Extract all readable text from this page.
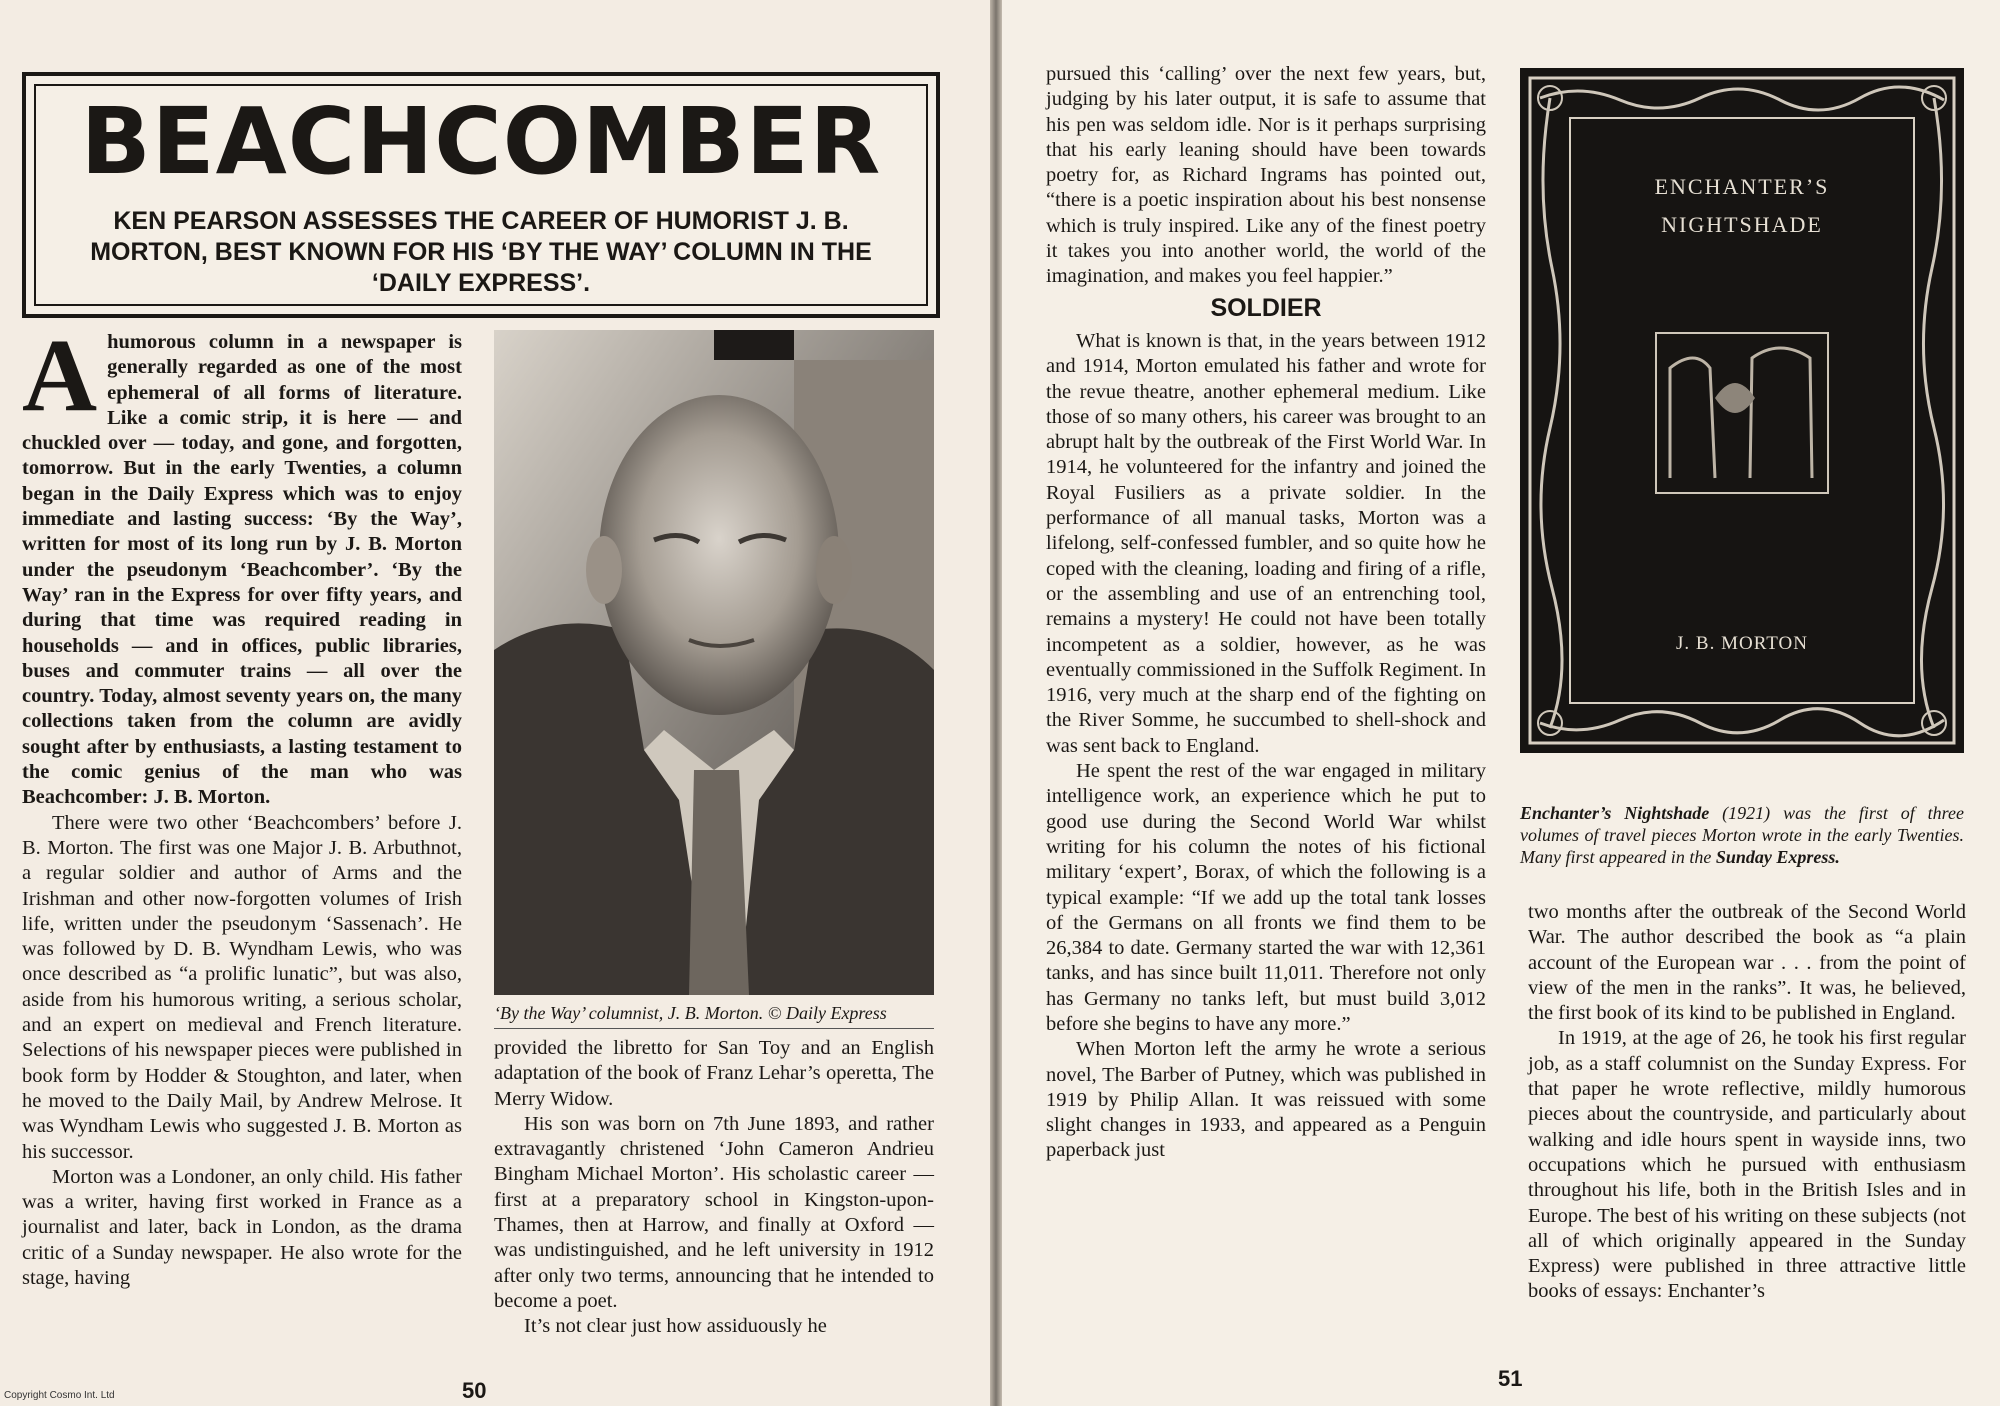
BEACHCOMBER
KEN PEARSON ASSESSES THE CAREER OF HUMORIST J. B. MORTON, BEST KNOWN FOR HIS ‘BY THE WAY’ COLUMN IN THE ‘DAILY EXPRESS’.

A humorous column in a newspaper is generally regarded as one of the most ephemeral of all forms of literature. Like a comic strip, it is here — and chuckled over — today, and gone, and forgotten, tomorrow. But in the early Twenties, a column began in the Daily Express which was to enjoy immediate and lasting success: ‘By the Way’, written for most of its long run by J. B. Morton under the pseudonym ‘Beachcomber’. ‘By the Way’ ran in the Express for over fifty years, and during that time was required reading in households — and in offices, public libraries, buses and commuter trains — all over the country. Today, almost seventy years on, the many collections taken from the column are avidly sought after by enthusiasts, a lasting testament to the comic genius of the man who was Beachcomber: J. B. Morton.

There were two other ‘Beachcombers’ before J. B. Morton. The first was one Major J. B. Arbuthnot, a regular soldier and author of Arms and the Irishman and other now-forgotten volumes of Irish life, written under the pseudonym ‘Sassenach’. He was followed by D. B. Wyndham Lewis, who was once described as “a prolific lunatic”, but was also, aside from his humorous writing, a serious scholar, and an expert on medieval and French literature. Selections of his newspaper pieces were published in book form by Hodder & Stoughton, and later, when he moved to the Daily Mail, by Andrew Melrose. It was Wyndham Lewis who suggested J. B. Morton as his successor.

Morton was a Londoner, an only child. His father was a writer, having first worked in France as a journalist and later, back in London, as the drama critic of a Sunday newspaper. He also wrote for the stage, having

‘By the Way’ columnist, J. B. Morton. © Daily Express

provided the libretto for San Toy and an English adaptation of the book of Franz Lehar’s operetta, The Merry Widow.

His son was born on 7th June 1893, and rather extravagantly christened ‘John Cameron Andrieu Bingham Michael Morton’. His scholastic career — first at a preparatory school in Kingston-upon-Thames, then at Harrow, and finally at Oxford — was undistinguished, and he left university in 1912 after only two terms, announcing that he intended to become a poet.

It’s not clear just how assiduously he

50
Copyright Cosmo Int. Ltd

pursued this ‘calling’ over the next few years, but, judging by his later output, it is safe to assume that his pen was seldom idle. Nor is it perhaps surprising that his early leaning should have been towards poetry for, as Richard Ingrams has pointed out, “there is a poetic inspiration about his best nonsense which is truly inspired. Like any of the finest poetry it takes you into another world, the world of the imagination, and makes you feel happier.”

SOLDIER

What is known is that, in the years between 1912 and 1914, Morton emulated his father and wrote for the revue theatre, another ephemeral medium. Like those of so many others, his career was brought to an abrupt halt by the outbreak of the First World War. In 1914, he volunteered for the infantry and joined the Royal Fusiliers as a private soldier. In the performance of all manual tasks, Morton was a lifelong, self-confessed fumbler, and so quite how he coped with the cleaning, loading and firing of a rifle, or the assembling and use of an entrenching tool, remains a mystery! He could not have been totally incompetent as a soldier, however, as he was eventually commissioned in the Suffolk Regiment. In 1916, very much at the sharp end of the fighting on the River Somme, he succumbed to shell-shock and was sent back to England.

He spent the rest of the war engaged in military intelligence work, an experience which he put to good use during the Second World War whilst writing for his column the notes of his fictional military ‘expert’, Borax, of which the following is a typical example: “If we add up the total tank losses of the Germans on all fronts we find them to be 26,384 to date. Germany started the war with 12,361 tanks, and has since built 11,011. Therefore not only has Germany no tanks left, but must build 3,012 before she begins to have any more.”

When Morton left the army he wrote a serious novel, The Barber of Putney, which was published in 1919 by Philip Allan. It was reissued with some slight changes in 1933, and appeared as a Penguin paperback just

51
ENCHANTER’S
NIGHTSHADE
J. B. MORTON
Enchanter’s Nightshade (1921) was the first of three volumes of travel pieces Morton wrote in the early Twenties. Many first appeared in the Sunday Express.

two months after the outbreak of the Second World War. The author described the book as “a plain account of the European war . . . from the point of view of the men in the ranks”. It was, he believed, the first book of its kind to be published in England.

In 1919, at the age of 26, he took his first regular job, as a staff columnist on the Sunday Express. For that paper he wrote reflective, mildly humorous pieces about the countryside, and particularly about walking and idle hours spent in wayside inns, two occupations which he pursued with enthusiasm throughout his life, both in the British Isles and in Europe. The best of his writing on these subjects (not all of which originally appeared in the Sunday Express) were published in three attractive little books of essays: Enchanter’s
